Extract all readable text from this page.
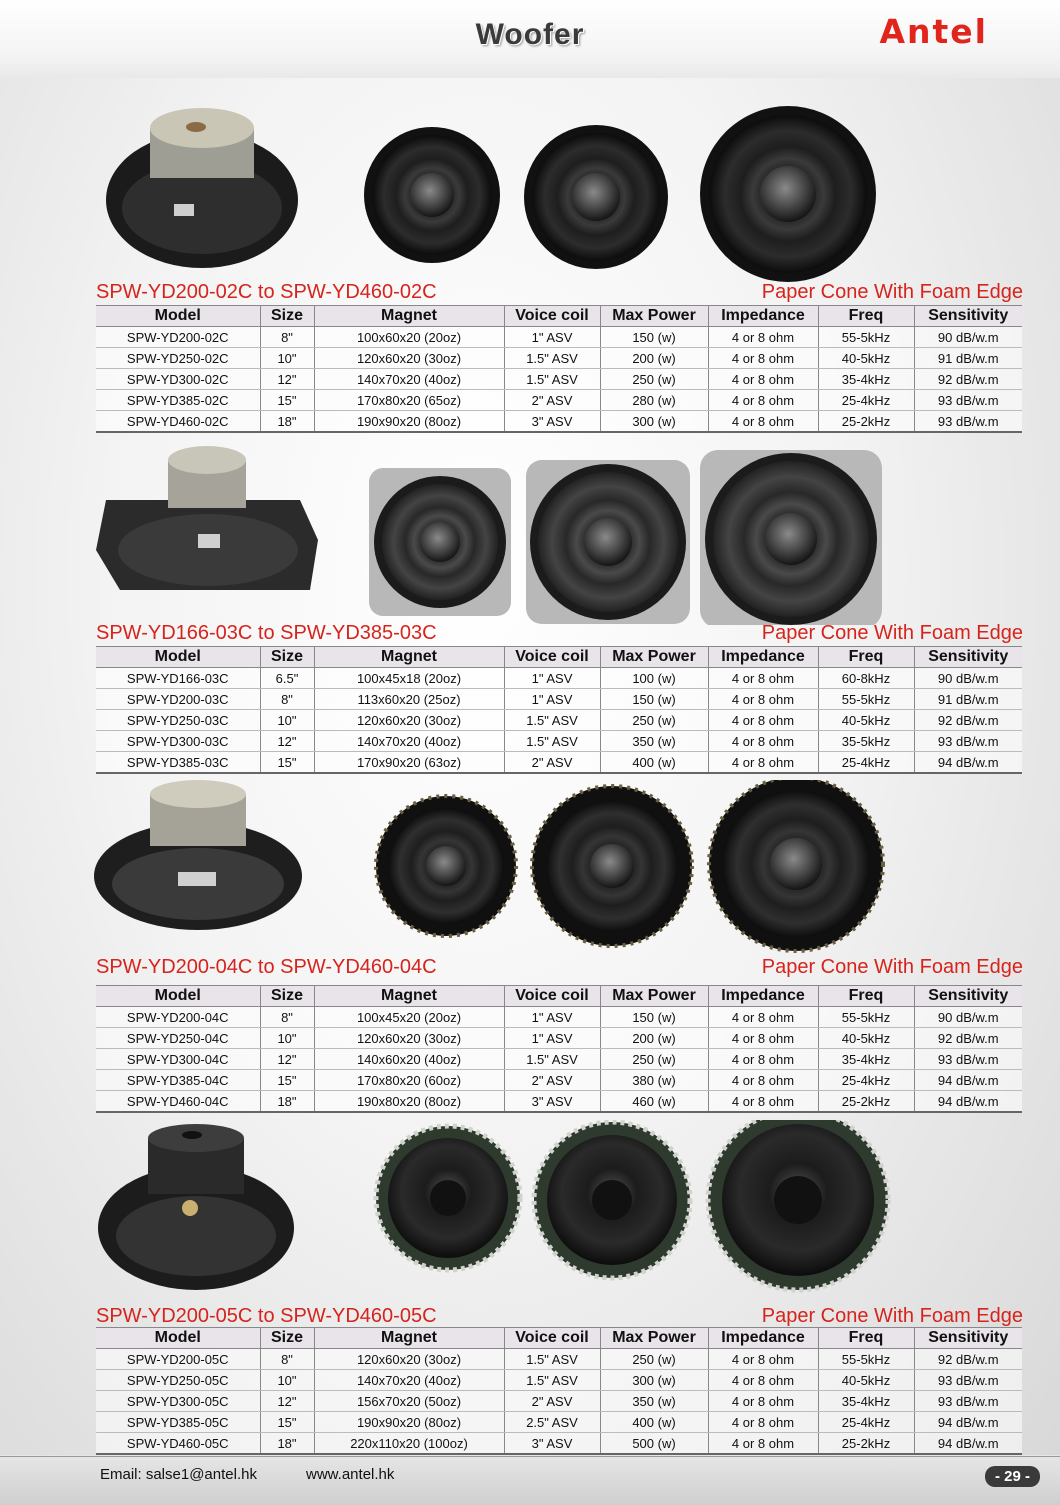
Woofer	Antel
SPW-YD200-02C to SPW-YD460-02C	Paper Cone With Foam Edge
Model	Size	Magnet	Voice coil	Max Power	Impedance	Freq	Sensitivity
SPW-YD200-02C	8"	100x60x20 (20oz)	1" ASV	150 (w)	4 or 8 ohm	55-5kHz	90 dB/w.m
SPW-YD250-02C	10"	120x60x20 (30oz)	1.5" ASV	200 (w)	4 or 8 ohm	40-5kHz	91 dB/w.m
SPW-YD300-02C	12"	140x70x20 (40oz)	1.5" ASV	250 (w)	4 or 8 ohm	35-4kHz	92 dB/w.m
SPW-YD385-02C	15"	170x80x20 (65oz)	2" ASV	280 (w)	4 or 8 ohm	25-4kHz	93 dB/w.m
SPW-YD460-02C	18"	190x90x20 (80oz)	3" ASV	300 (w)	4 or 8 ohm	25-2kHz	93 dB/w.m
SPW-YD166-03C to SPW-YD385-03C	Paper Cone With Foam Edge
Model	Size	Magnet	Voice coil	Max Power	Impedance	Freq	Sensitivity
SPW-YD166-03C	6.5"	100x45x18 (20oz)	1" ASV	100 (w)	4 or 8 ohm	60-8kHz	90 dB/w.m
SPW-YD200-03C	8"	113x60x20 (25oz)	1" ASV	150 (w)	4 or 8 ohm	55-5kHz	91 dB/w.m
SPW-YD250-03C	10"	120x60x20 (30oz)	1.5" ASV	250 (w)	4 or 8 ohm	40-5kHz	92 dB/w.m
SPW-YD300-03C	12"	140x70x20 (40oz)	1.5" ASV	350 (w)	4 or 8 ohm	35-5kHz	93 dB/w.m
SPW-YD385-03C	15"	170x90x20 (63oz)	2" ASV	400 (w)	4 or 8 ohm	25-4kHz	94 dB/w.m
SPW-YD200-04C to SPW-YD460-04C	Paper Cone With Foam Edge
Model	Size	Magnet	Voice coil	Max Power	Impedance	Freq	Sensitivity
SPW-YD200-04C	8"	100x45x20 (20oz)	1" ASV	150 (w)	4 or 8 ohm	55-5kHz	90 dB/w.m
SPW-YD250-04C	10"	120x60x20 (30oz)	1" ASV	200 (w)	4 or 8 ohm	40-5kHz	92 dB/w.m
SPW-YD300-04C	12"	140x60x20 (40oz)	1.5" ASV	250 (w)	4 or 8 ohm	35-4kHz	93 dB/w.m
SPW-YD385-04C	15"	170x80x20 (60oz)	2" ASV	380 (w)	4 or 8 ohm	25-4kHz	94 dB/w.m
SPW-YD460-04C	18"	190x80x20 (80oz)	3" ASV	460 (w)	4 or 8 ohm	25-2kHz	94 dB/w.m
SPW-YD200-05C to SPW-YD460-05C	Paper Cone With Foam Edge
Model	Size	Magnet	Voice coil	Max Power	Impedance	Freq	Sensitivity
SPW-YD200-05C	8"	120x60x20 (30oz)	1.5" ASV	250 (w)	4 or 8 ohm	55-5kHz	92 dB/w.m
SPW-YD250-05C	10"	140x70x20 (40oz)	1.5" ASV	300 (w)	4 or 8 ohm	40-5kHz	93 dB/w.m
SPW-YD300-05C	12"	156x70x20 (50oz)	2" ASV	350 (w)	4 or 8 ohm	35-4kHz	93 dB/w.m
SPW-YD385-05C	15"	190x90x20 (80oz)	2.5" ASV	400 (w)	4 or 8 ohm	25-4kHz	94 dB/w.m
SPW-YD460-05C	18"	220x110x20 (100oz)	3" ASV	500 (w)	4 or 8 ohm	25-2kHz	94 dB/w.m
Email: salse1@antel.hk	www.antel.hk	- 29 -
